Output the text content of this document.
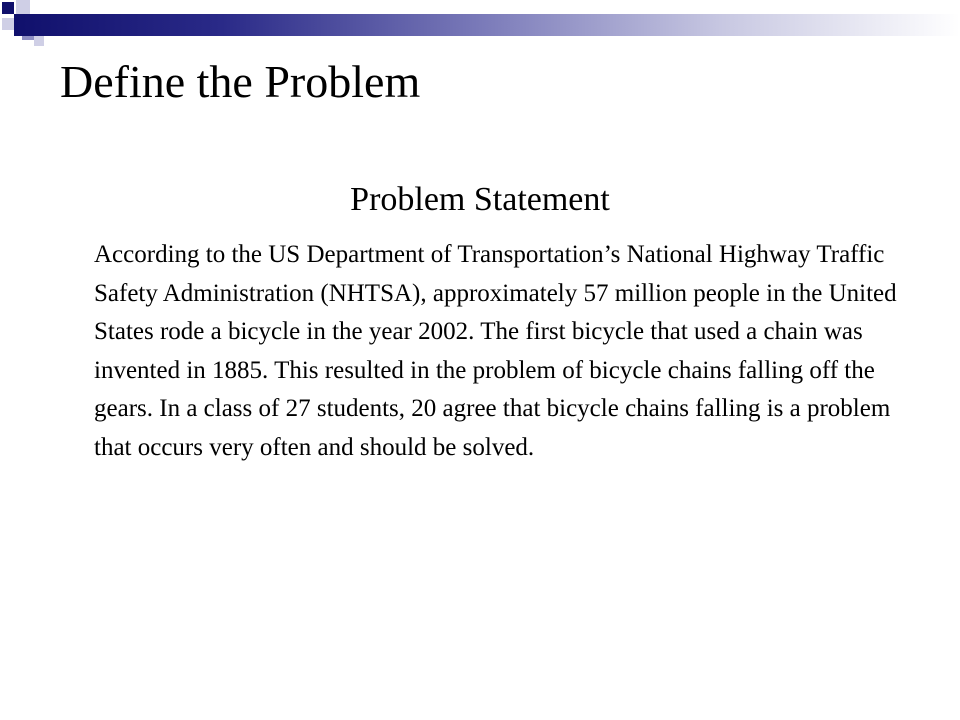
Define the Problem
Problem Statement

According to the US Department of Transportation’s National Highway Traffic Safety Administration (NHTSA), approximately 57 million people in the United States rode a bicycle in the year 2002. The first bicycle that used a chain was invented in 1885. This resulted in the problem of bicycle chains falling off the gears. In a class of 27 students, 20 agree that bicycle chains falling is a problem that occurs very often and should be solved.
